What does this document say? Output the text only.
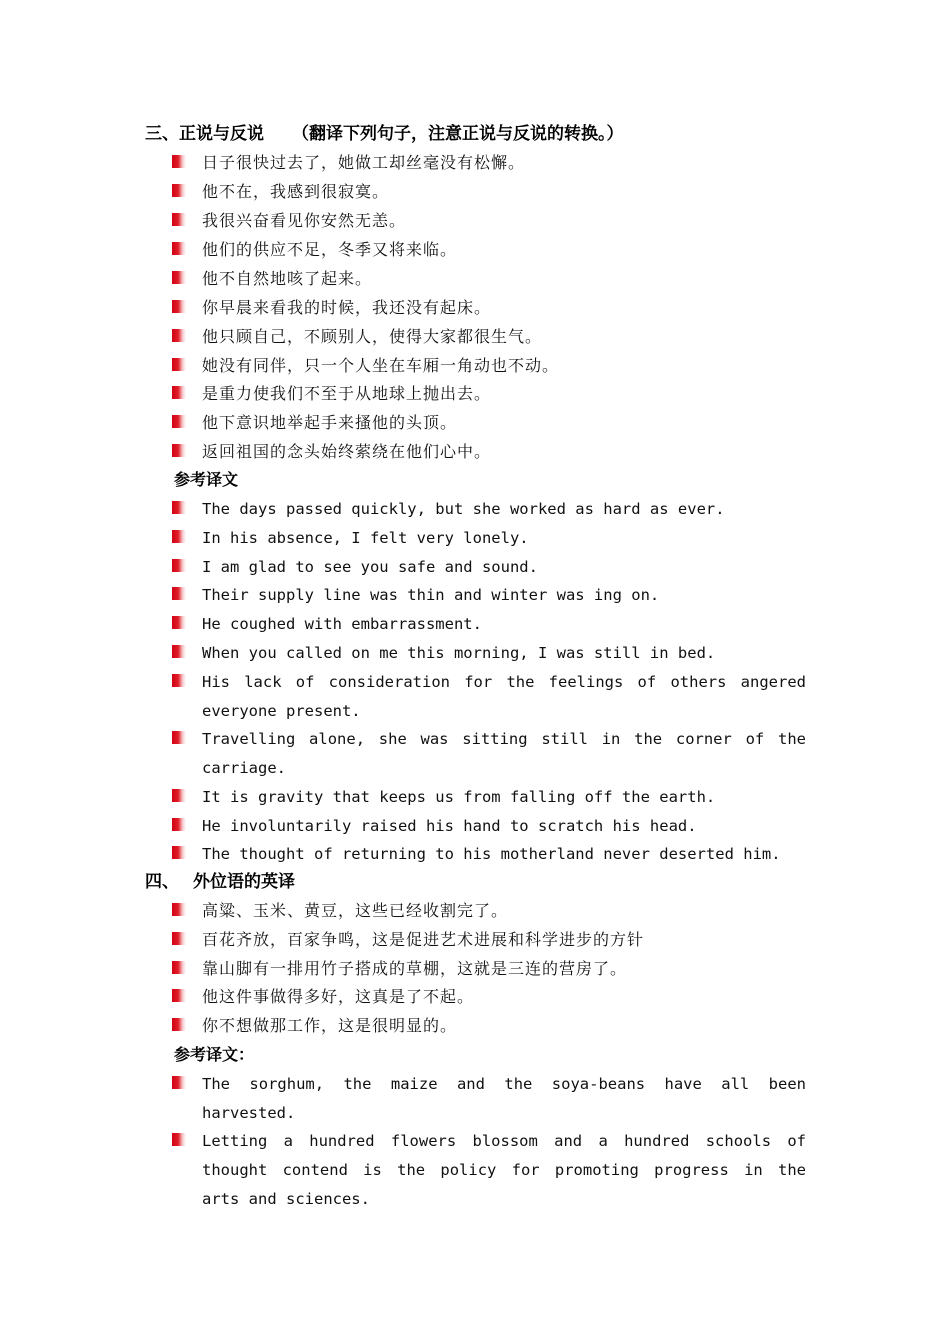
三、正说与反说 （翻译下列句子，注意正说与反说的转换。）
日子很快过去了，她做工却丝毫没有松懈。
他不在，我感到很寂寞。
我很兴奋看见你安然无恙。
他们的供应不足，冬季又将来临。
他不自然地咳了起来。
你早晨来看我的时候，我还没有起床。
他只顾自己，不顾别人，使得大家都很生气。
她没有同伴，只一个人坐在车厢一角动也不动。
是重力使我们不至于从地球上抛出去。
他下意识地举起手来搔他的头顶。
返回祖国的念头始终萦绕在他们心中。
参考译文
The days passed quickly, but she worked as hard as ever.
In his absence, I felt very lonely.
I am glad to see you safe and sound.
Their supply line was thin and winter was ing on.
He coughed with embarrassment.
When you called on me this morning, I was still in bed.
His lack of consideration for the feelings of others angered
everyone present.
Travelling alone, she was sitting still in the corner of the
carriage.
It is gravity that keeps us from falling off the earth.
He involuntarily raised his hand to scratch his head.
The thought of returning to his motherland never deserted him.
四、 外位语的英译
高粱、玉米、黄豆，这些已经收割完了。
百花齐放，百家争鸣，这是促进艺术进展和科学进步的方针
靠山脚有一排用竹子搭成的草棚，这就是三连的营房了。
他这件事做得多好，这真是了不起。
你不想做那工作，这是很明显的。
参考译文：
The sorghum, the maize and the soya-beans have all been
harvested.
Letting a hundred flowers blossom and a hundred schools of
thought contend is the policy for promoting progress in the
arts and sciences.
